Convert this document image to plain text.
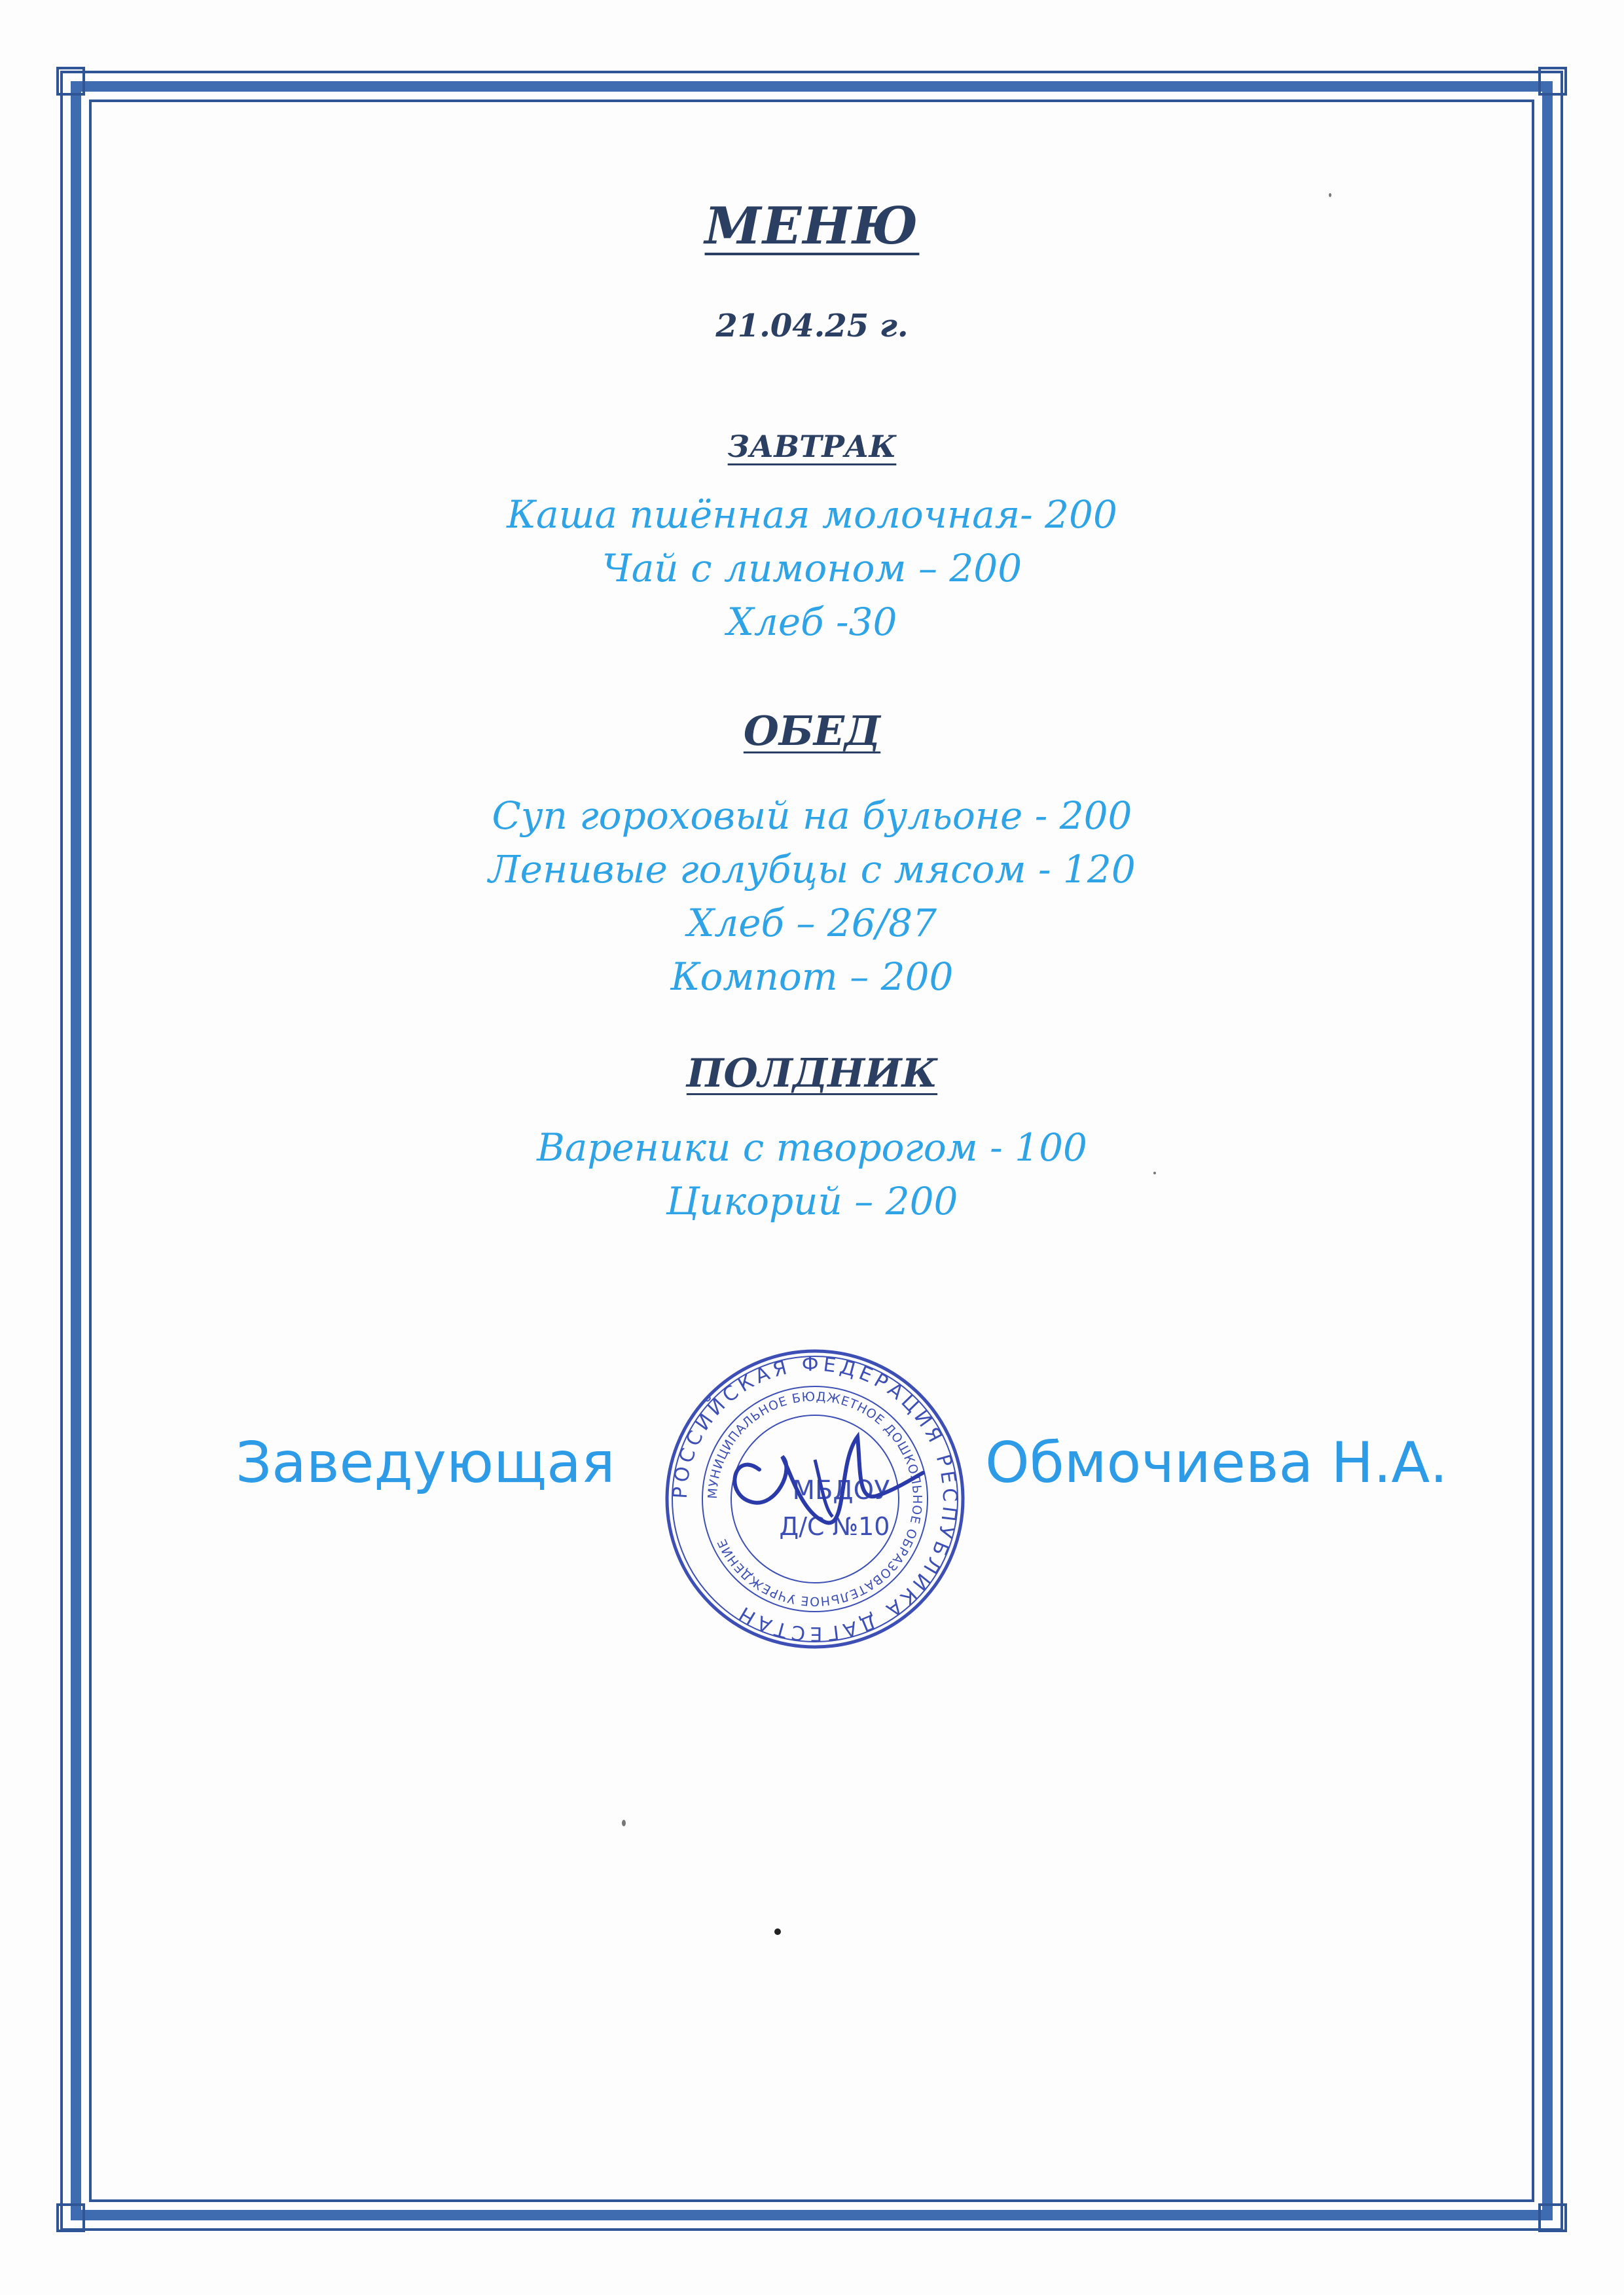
МЕНЮ
21.04.25 г.
ЗАВТРАК
Каша пшённая молочная- 200
Чай с лимоном – 200
Хлеб -30
ОБЕД
Суп гороховый на бульоне - 200
Ленивые голубцы с мясом - 120
Хлеб – 26/87
Компот – 200
ПОЛДНИК
Вареники с творогом - 100
Цикорий – 200
Заведующая	Обмочиева Н.А.
РОССИЙСКАЯ ФЕДЕРАЦИЯ РЕСПУБЛИКА ДАГЕСТАН
МУНИЦИПАЛЬНОЕ БЮДЖЕТНОЕ ДОШКОЛЬНОЕ ОБРАЗОВАТЕЛЬНОЕ УЧРЕЖДЕНИЕ
МБДОУ
Д/С №10
